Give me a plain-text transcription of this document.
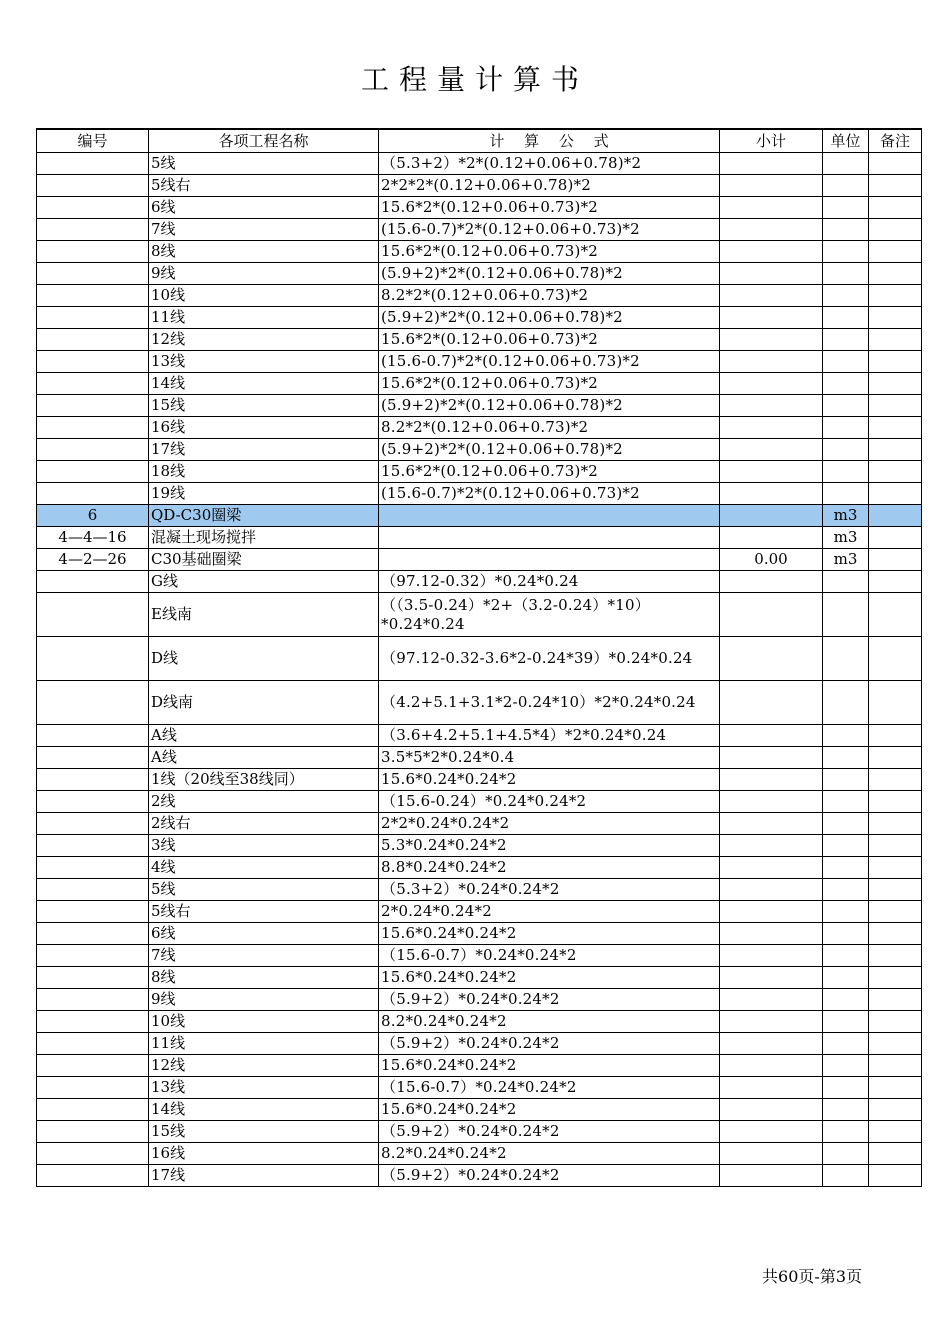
工程量计算书
编号	各项工程名称	计　 算　 公　 式	小计	单位	备注
	5线	（5.3+2）*2*(0.12+0.06+0.78)*2			
	5线右	2*2*2*(0.12+0.06+0.78)*2			
	6线	15.6*2*(0.12+0.06+0.73)*2			
	7线	(15.6-0.7)*2*(0.12+0.06+0.73)*2			
	8线	15.6*2*(0.12+0.06+0.73)*2			
	9线	(5.9+2)*2*(0.12+0.06+0.78)*2			
	10线	8.2*2*(0.12+0.06+0.73)*2			
	11线	(5.9+2)*2*(0.12+0.06+0.78)*2			
	12线	15.6*2*(0.12+0.06+0.73)*2			
	13线	(15.6-0.7)*2*(0.12+0.06+0.73)*2			
	14线	15.6*2*(0.12+0.06+0.73)*2			
	15线	(5.9+2)*2*(0.12+0.06+0.78)*2			
	16线	8.2*2*(0.12+0.06+0.73)*2			
	17线	(5.9+2)*2*(0.12+0.06+0.78)*2			
	18线	15.6*2*(0.12+0.06+0.73)*2			
	19线	(15.6-0.7)*2*(0.12+0.06+0.73)*2			
6	QD-C30圈梁			m3	
4—4—16	混凝土现场搅拌			m3	
4—2—26	C30基础圈梁		0.00	m3	
	G线	（97.12-0.32）*0.24*0.24			
	E线南	（（3.5-0.24）*2+（3.2-0.24）*10）*0.24*0.24			
	D线	（97.12-0.32-3.6*2-0.24*39）*0.24*0.24			
	D线南	（4.2+5.1+3.1*2-0.24*10）*2*0.24*0.24			
	A线	（3.6+4.2+5.1+4.5*4）*2*0.24*0.24			
	A线	3.5*5*2*0.24*0.4			
	1线（20线至38线同）	15.6*0.24*0.24*2			
	2线	（15.6-0.24）*0.24*0.24*2			
	2线右	2*2*0.24*0.24*2			
	3线	5.3*0.24*0.24*2			
	4线	8.8*0.24*0.24*2			
	5线	（5.3+2）*0.24*0.24*2			
	5线右	2*0.24*0.24*2			
	6线	15.6*0.24*0.24*2			
	7线	（15.6-0.7）*0.24*0.24*2			
	8线	15.6*0.24*0.24*2			
	9线	（5.9+2）*0.24*0.24*2			
	10线	8.2*0.24*0.24*2			
	11线	（5.9+2）*0.24*0.24*2			
	12线	15.6*0.24*0.24*2			
	13线	（15.6-0.7）*0.24*0.24*2			
	14线	15.6*0.24*0.24*2			
	15线	（5.9+2）*0.24*0.24*2			
	16线	8.2*0.24*0.24*2			
	17线	（5.9+2）*0.24*0.24*2			
共60页-第3页
